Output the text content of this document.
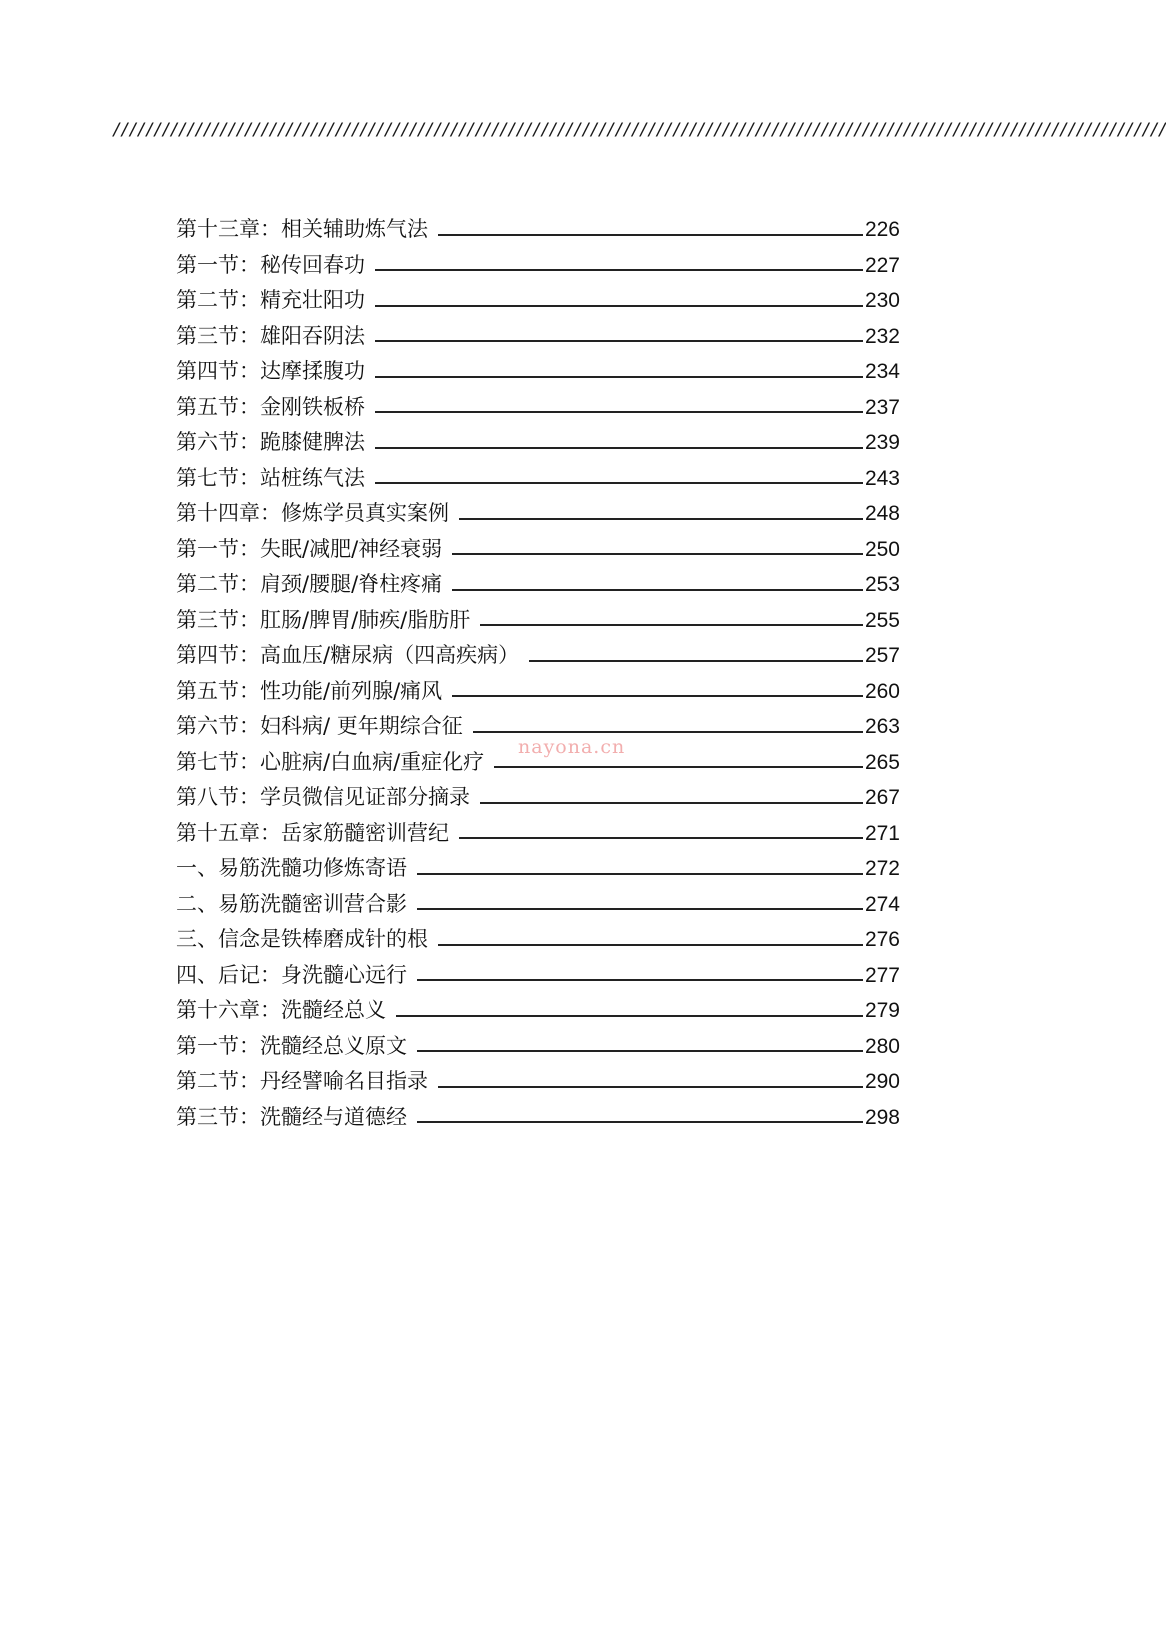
////////////////////////////////////////////////////////////////////////////////////////////////////////////////////////////////
第十三章：相关辅助炼气法	226
第一节：秘传回春功	227
第二节：精充壮阳功	230
第三节：雄阳吞阴法	232
第四节：达摩揉腹功	234
第五节：金刚铁板桥	237
第六节：跪膝健脾法	239
第七节：站桩练气法	243
第十四章：修炼学员真实案例	248
第一节：失眠/减肥/神经衰弱	250
第二节：肩颈/腰腿/脊柱疼痛	253
第三节：肛肠/脾胃/肺疾/脂肪肝	255
第四节：高血压/糖尿病（四高疾病）	257
第五节：性功能/前列腺/痛风	260
第六节：妇科病/ 更年期综合征	263
第七节：心脏病/白血病/重症化疗	265
第八节：学员微信见证部分摘录	267
第十五章：岳家筋髓密训营纪	271
一、易筋洗髓功修炼寄语	272
二、易筋洗髓密训营合影	274
三、信念是铁棒磨成针的根	276
四、后记：身洗髓心远行	277
第十六章：洗髓经总义	279
第一节：洗髓经总义原文	280
第二节：丹经譬喻名目指录	290
第三节：洗髓经与道德经	298
nayona.cn
